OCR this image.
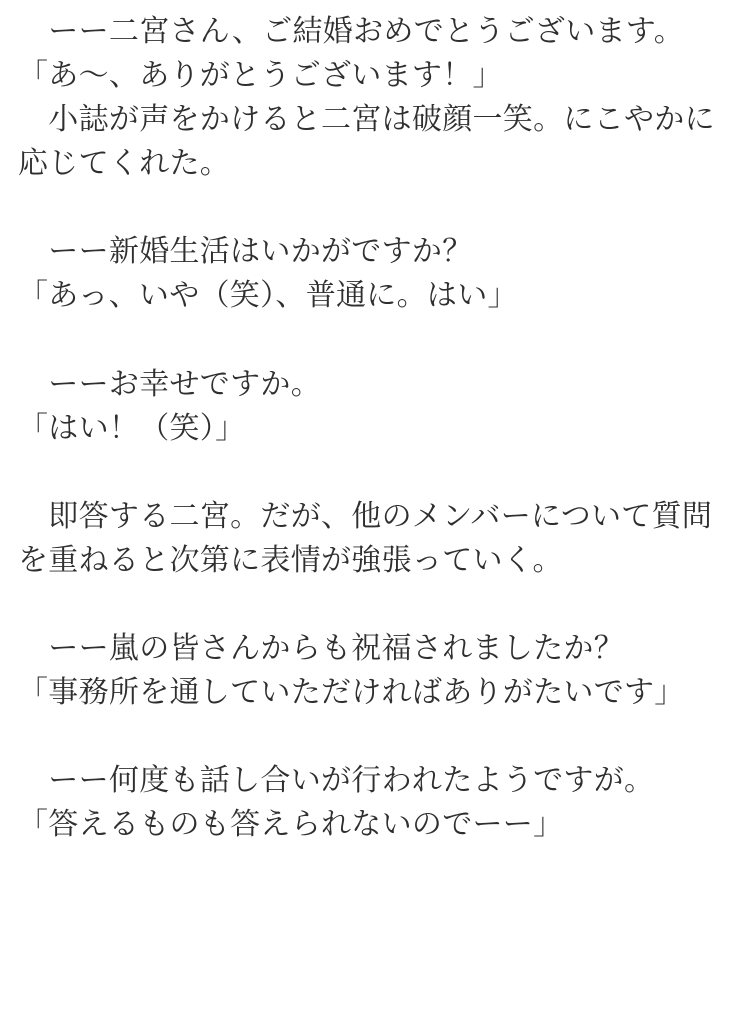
　ーー二宮さん、ご結婚おめでとうございます。

「あ〜、ありがとうございます！」

　小誌が声をかけると二宮は破顔一笑。にこやかに応じてくれた。

　ーー新婚生活はいかがですか？

「あっ、いや（笑）、普通に。はい」

　ーーお幸せですか。

「はい！（笑）」

　即答する二宮。だが、他のメンバーについて質問を重ねると次第に表情が強張っていく。

　ーー嵐の皆さんからも祝福されましたか？

「事務所を通していただければありがたいです」

　ーー何度も話し合いが行われたようですが。

「答えるものも答えられないのでーー」
